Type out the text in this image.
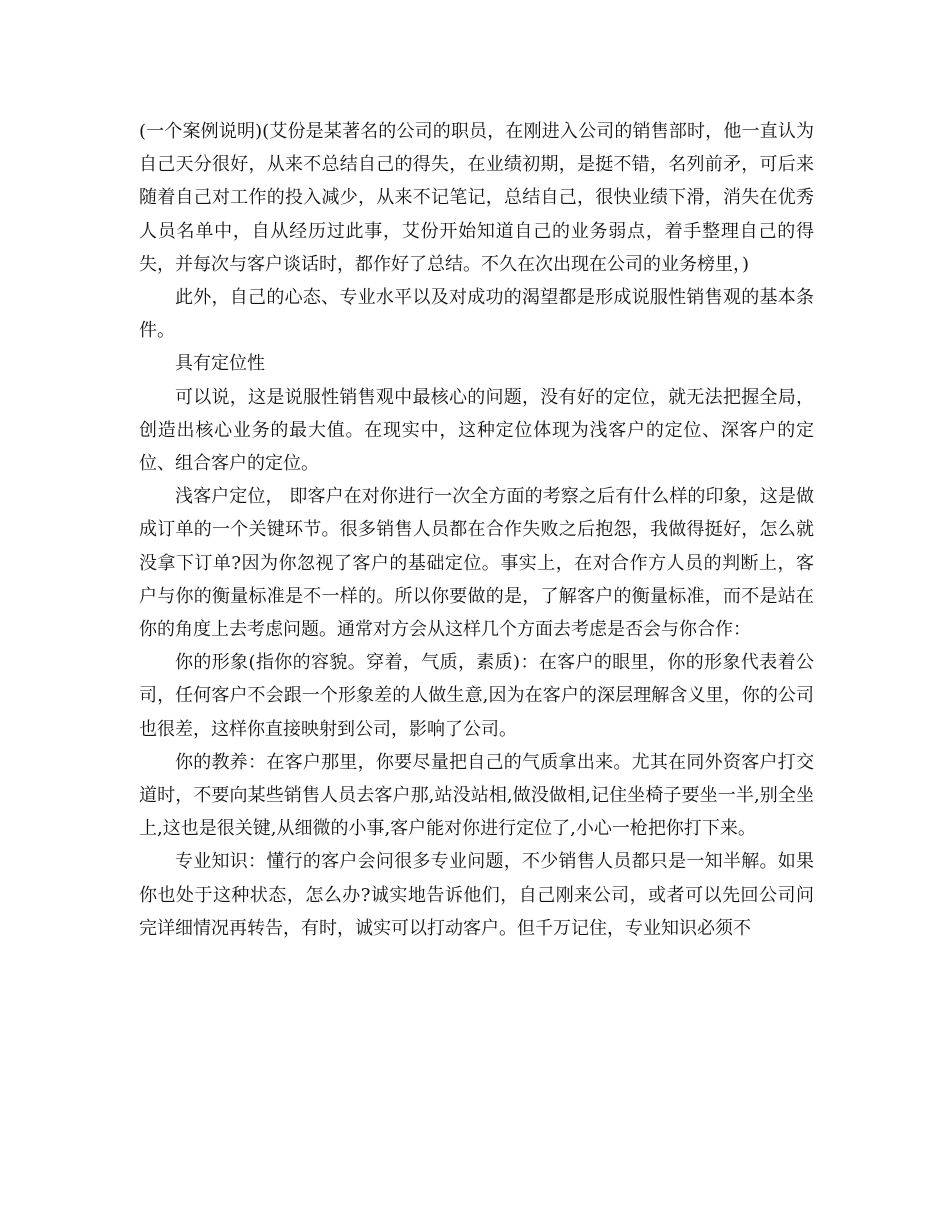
(一个案例说明)(艾份是某著名的公司的职员，在刚进入公司的销售部时，他一直认为自己天分很好，从来不总结自己的得失，在业绩初期，是挺不错，名列前矛，可后来随着自己对工作的投入减少，从来不记笔记，总结自己，很快业绩下滑，消失在优秀人员名单中，自从经历过此事，艾份开始知道自己的业务弱点，着手整理自己的得失，并每次与客户谈话时，都作好了总结。不久在次出现在公司的业务榜里，)

此外，自己的心态、专业水平以及对成功的渴望都是形成说服性销售观的基本条件。

具有定位性

可以说，这是说服性销售观中最核心的问题，没有好的定位，就无法把握全局，创造出核心业务的最大值。在现实中，这种定位体现为浅客户的定位、深客户的定位、组合客户的定位。

浅客户定位， 即客户在对你进行一次全方面的考察之后有什么样的印象，这是做成订单的一个关键环节。很多销售人员都在合作失败之后抱怨，我做得挺好，怎么就没拿下订单?因为你忽视了客户的基础定位。事实上，在对合作方人员的判断上，客户与你的衡量标准是不一样的。所以你要做的是，了解客户的衡量标准，而不是站在你的角度上去考虑问题。通常对方会从这样几个方面去考虑是否会与你合作：

你的形象(指你的容貌。穿着，气质，素质)：在客户的眼里，你的形象代表着公司，任何客户不会跟一个形象差的人做生意,因为在客户的深层理解含义里，你的公司也很差，这样你直接映射到公司，影响了公司。

你的教养：在客户那里，你要尽量把自己的气质拿出来。尤其在同外资客户打交道时，不要向某些销售人员去客户那,站没站相,做没做相,记住坐椅子要坐一半,别全坐上,这也是很关键,从细微的小事,客户能对你进行定位了,小心一枪把你打下来。

专业知识：懂行的客户会问很多专业问题，不少销售人员都只是一知半解。如果你也处于这种状态，怎么办?诚实地告诉他们，自己刚来公司，或者可以先回公司问完详细情况再转告，有时，诚实可以打动客户。但千万记住，专业知识必须不
